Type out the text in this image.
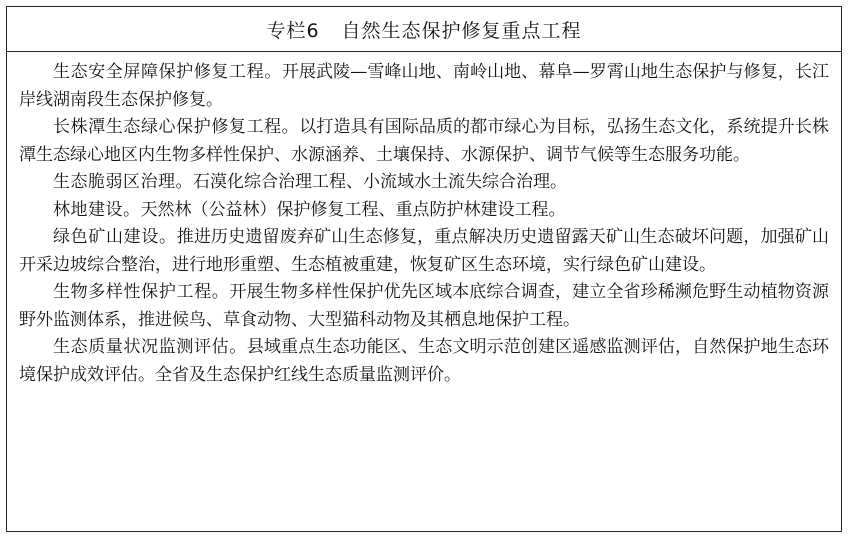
专栏6 自然生态保护修复重点工程

生态安全屏障保护修复工程。开展武陵—雪峰山地、南岭山地、幕阜—罗霄山地生态保护与修复，长江岸线湖南段生态保护修复。

长株潭生态绿心保护修复工程。以打造具有国际品质的都市绿心为目标，弘扬生态文化，系统提升长株潭生态绿心地区内生物多样性保护、水源涵养、土壤保持、水源保护、调节气候等生态服务功能。

生态脆弱区治理。石漠化综合治理工程、小流域水土流失综合治理。

林地建设。天然林（公益林）保护修复工程、重点防护林建设工程。

绿色矿山建设。推进历史遗留废弃矿山生态修复，重点解决历史遗留露天矿山生态破坏问题，加强矿山开采边坡综合整治，进行地形重塑、生态植被重建，恢复矿区生态环境，实行绿色矿山建设。

生物多样性保护工程。开展生物多样性保护优先区域本底综合调查，建立全省珍稀濒危野生动植物资源野外监测体系，推进候鸟、草食动物、大型猫科动物及其栖息地保护工程。

生态质量状况监测评估。县域重点生态功能区、生态文明示范创建区遥感监测评估，自然保护地生态环境保护成效评估。全省及生态保护红线生态质量监测评价。
